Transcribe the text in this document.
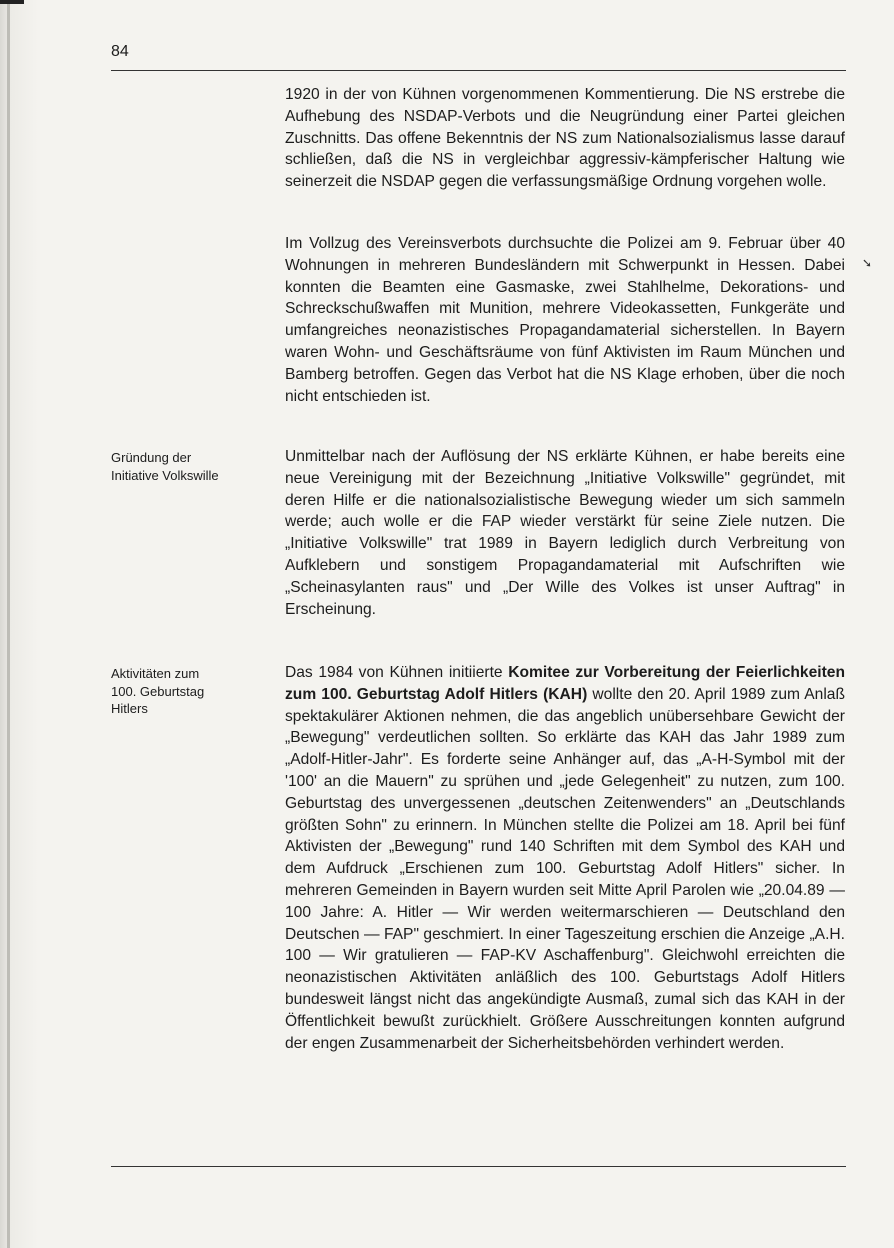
84

1920 in der von Kühnen vorgenommenen Kommentierung. Die NS erstrebe die Aufhebung des NSDAP-Verbots und die Neugründung einer Partei gleichen Zuschnitts. Das offene Bekenntnis der NS zum Nationalsozialismus lasse darauf schließen, daß die NS in vergleichbar aggressiv-kämpferischer Haltung wie seinerzeit die NSDAP gegen die verfassungsmäßige Ordnung vorgehen wolle.

Im Vollzug des Vereinsverbots durchsuchte die Polizei am 9. Februar über 40 Wohnungen in mehreren Bundesländern mit Schwerpunkt in Hessen. Dabei konnten die Beamten eine Gasmaske, zwei Stahlhelme, Dekorations- und Schreckschußwaffen mit Munition, mehrere Videokassetten, Funkgeräte und umfangreiches neonazistisches Propagandamaterial sicherstellen. In Bayern waren Wohn- und Geschäftsräume von fünf Aktivisten im Raum München und Bamberg betroffen. Gegen das Verbot hat die NS Klage erhoben, über die noch nicht entschieden ist.

Gründung der
Initiative Volkswille

Unmittelbar nach der Auflösung der NS erklärte Kühnen, er habe bereits eine neue Vereinigung mit der Bezeichnung „Initiative Volkswille" gegründet, mit deren Hilfe er die nationalsozialistische Bewegung wieder um sich sammeln werde; auch wolle er die FAP wieder verstärkt für seine Ziele nutzen. Die „Initiative Volkswille" trat 1989 in Bayern lediglich durch Verbreitung von Aufklebern und sonstigem Propagandamaterial mit Aufschriften wie „Scheinasylanten raus" und „Der Wille des Volkes ist unser Auftrag" in Erscheinung.

Aktivitäten zum
100. Geburtstag
Hitlers

Das 1984 von Kühnen initiierte Komitee zur Vorbereitung der Feierlichkeiten zum 100. Geburtstag Adolf Hitlers (KAH) wollte den 20. April 1989 zum Anlaß spektakulärer Aktionen nehmen, die das angeblich unübersehbare Gewicht der „Bewegung" verdeutlichen sollten. So erklärte das KAH das Jahr 1989 zum „Adolf-Hitler-Jahr". Es forderte seine Anhänger auf, das „A-H-Symbol mit der '100' an die Mauern" zu sprühen und „jede Gelegenheit" zu nutzen, zum 100. Geburtstag des unvergessenen „deutschen Zeitenwenders" an „Deutschlands größten Sohn" zu erinnern. In München stellte die Polizei am 18. April bei fünf Aktivisten der „Bewegung" rund 140 Schriften mit dem Symbol des KAH und dem Aufdruck „Erschienen zum 100. Geburtstag Adolf Hitlers" sicher. In mehreren Gemeinden in Bayern wurden seit Mitte April Parolen wie „20.04.89 — 100 Jahre: A. Hitler — Wir werden weitermarschieren — Deutschland den Deutschen — FAP" geschmiert. In einer Tageszeitung erschien die Anzeige „A.H. 100 — Wir gratulieren — FAP-KV Aschaffenburg". Gleichwohl erreichten die neonazistischen Aktivitäten anläßlich des 100. Geburtstags Adolf Hitlers bundesweit längst nicht das angekündigte Ausmaß, zumal sich das KAH in der Öffentlichkeit bewußt zurückhielt. Größere Ausschreitungen konnten aufgrund der engen Zusammenarbeit der Sicherheitsbehörden verhindert werden.

➘
